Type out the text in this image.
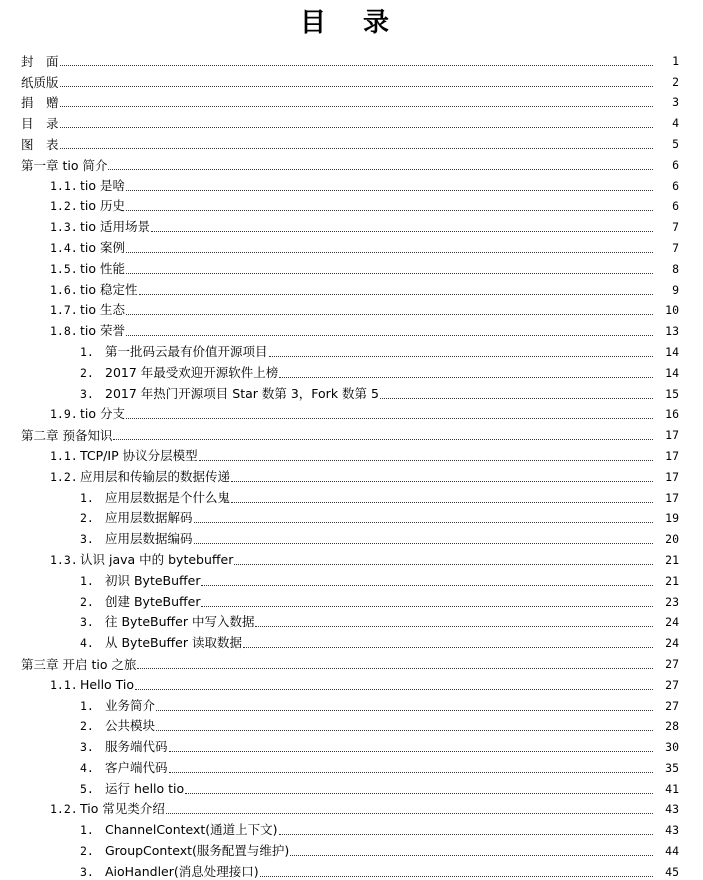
目 录
封　面	1
纸质版	2
捐　赠	3
目　录	4
图　表	5
第一章 tio 简介	6
1.1. tio 是啥	6
1.2. tio 历史	6
1.3. tio 适用场景	7
1.4. tio 案例	7
1.5. tio 性能	8
1.6. tio 稳定性	9
1.7. tio 生态	10
1.8. tio 荣誉	13
1. 第一批码云最有价值开源项目	14
2. 2017 年最受欢迎开源软件上榜	14
3. 2017 年热门开源项目 Star 数第 3，Fork 数第 5	15
1.9. tio 分支	16
第二章 预备知识	17
1.1. TCP/IP 协议分层模型	17
1.2. 应用层和传输层的数据传递	17
1. 应用层数据是个什么鬼	17
2. 应用层数据解码	19
3. 应用层数据编码	20
1.3. 认识 java 中的 bytebuffer	21
1. 初识 ByteBuffer	21
2. 创建 ByteBuffer	23
3. 往 ByteBuffer 中写入数据	24
4. 从 ByteBuffer 读取数据	24
第三章 开启 tio 之旅	27
1.1. Hello Tio	27
1. 业务简介	27
2. 公共模块	28
3. 服务端代码	30
4. 客户端代码	35
5. 运行 hello tio	41
1.2. Tio 常见类介绍	43
1. ChannelContext(通道上下文)	43
2. GroupContext(服务配置与维护)	44
3. AioHandler(消息处理接口)	45
